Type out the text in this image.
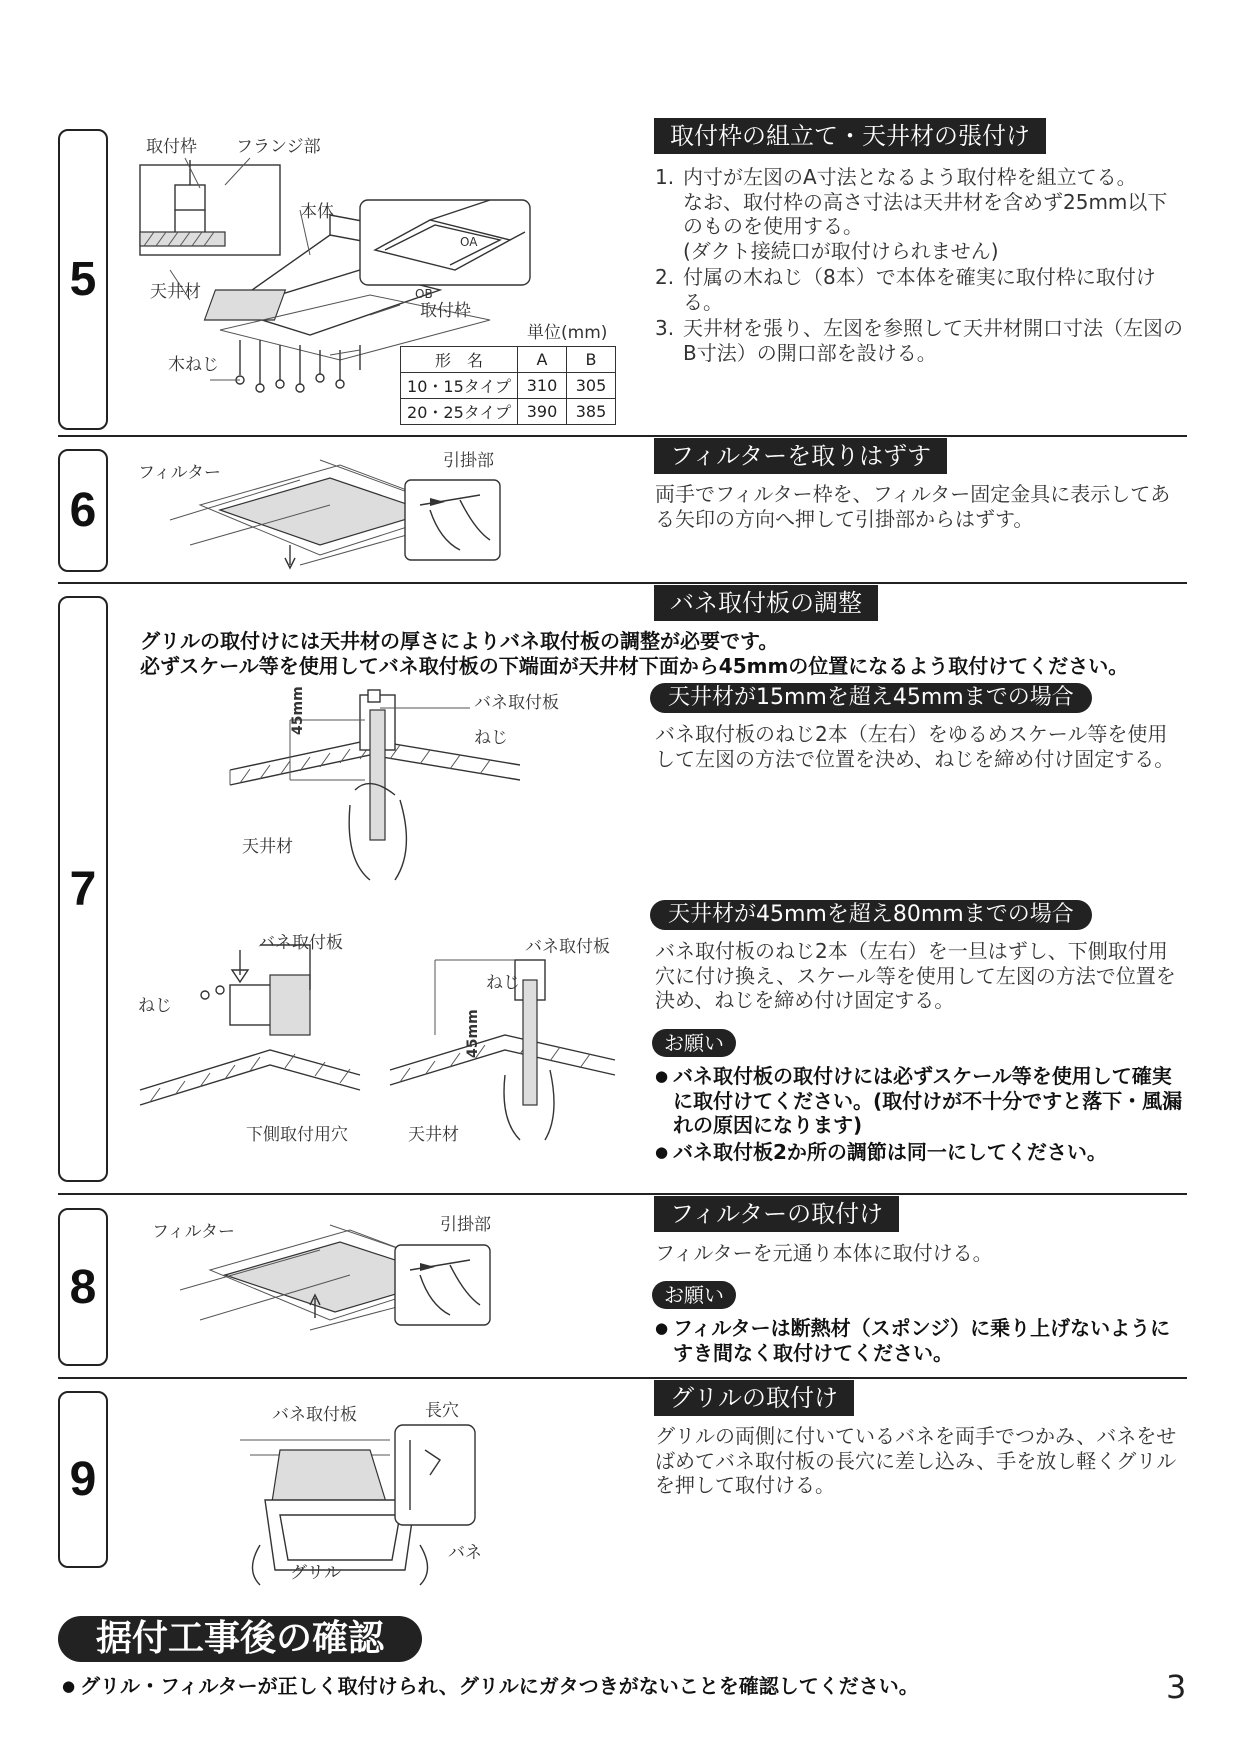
5
取付枠の組立て・天井材の張付け
1. 内寸が左図のA寸法となるよう取付枠を組立てる。
なお、取付枠の高さ寸法は天井材を含めず25mm以下のものを使用する。
(ダクト接続口が取付けられません)
2. 付属の木ねじ（8本）で本体を確実に取付枠に取付ける。
3. 天井材を張り、左図を参照して天井材開口寸法（左図のB寸法）の開口部を設ける。
OB
OA
取付枠 フランジ部
本体
天井材
取付枠
木ねじ
単位(mm)
形　名	A	B
10・15タイプ	310	305
20・25タイプ	390	385
6
フィルターを取りはずす
両手でフィルター枠を、フィルター固定金具に表示してある矢印の方向へ押して引掛部からはずす。
フィルター
引掛部
7
バネ取付板の調整
グリルの取付けには天井材の厚さによりバネ取付板の調整が必要です。
必ずスケール等を使用してバネ取付板の下端面が天井材下面から45mmの位置になるよう取付けてください。
天井材が15mmを超え45mmまでの場合
バネ取付板のねじ2本（左右）をゆるめスケール等を使用して左図の方法で位置を決め、ねじを締め付け固定する。
バネ取付板
ねじ
45mm
天井材
天井材が45mmを超え80mmまでの場合
バネ取付板のねじ2本（左右）を一旦はずし、下側取付用穴に付け換え、スケール等を使用して左図の方法で位置を決め、ねじを締め付け固定する。
バネ取付板
ねじ
下側取付用穴
バネ取付板
ねじ
45mm
天井材
お願い
● バネ取付板の取付けには必ずスケール等を使用して確実に取付けてください。(取付けが不十分ですと落下・風漏れの原因になります)
● バネ取付板2か所の調節は同一にしてください。
8
フィルターの取付け
フィルターを元通り本体に取付ける。
お願い
● フィルターは断熱材（スポンジ）に乗り上げないようにすき間なく取付けてください。
フィルター	引掛部
9
グリルの取付け
グリルの両側に付いているバネを両手でつかみ、バネをせばめてバネ取付板の長穴に差し込み、手を放し軽くグリルを押して取付ける。
バネ取付板	長穴
バネ
グリル
据付工事後の確認
● グリル・フィルターが正しく取付けられ、グリルにガタつきがないことを確認してください。	3
